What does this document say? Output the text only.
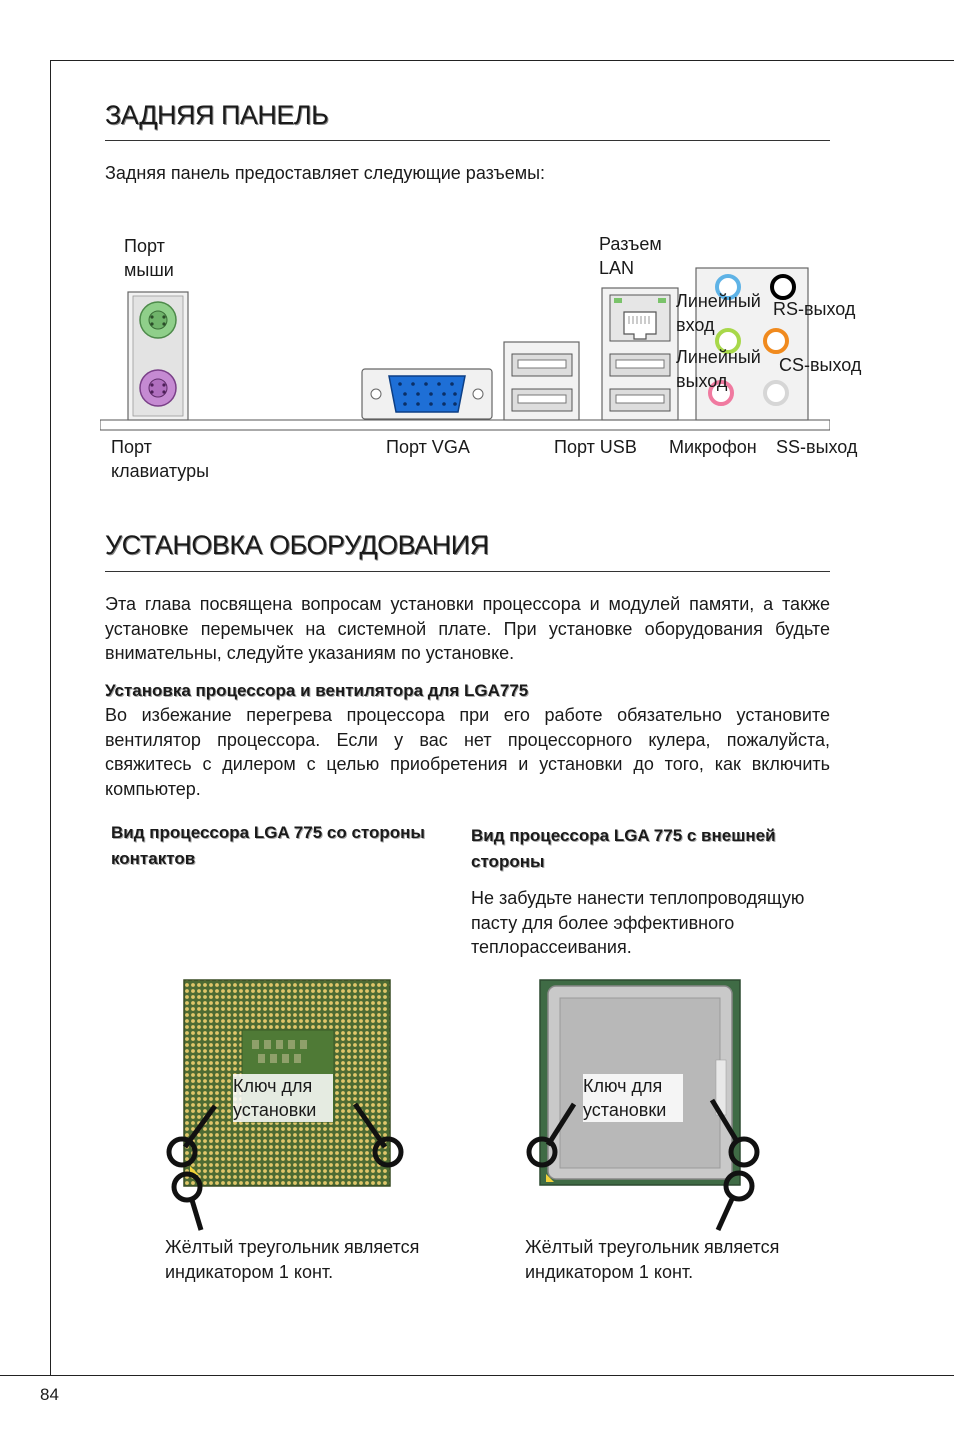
ЗАДНЯЯ ПАНЕЛЬ
Задняя панель предоставляет следующие разъемы:
Порт мыши
Разъем LAN
Линейный вход
RS-выход
Линейный выход
CS-выход
Порт клавиатуры
Порт VGA	Порт USB Микрофон SS-выход
УСТАНОВКА ОБОРУДОВАНИЯ
Эта глава посвящена вопросам установки процессора и модулей памяти, а также установке перемычек на системной плате. При установке оборудования будьте внимательны, следуйте указаниям по установке.
Установка процессора и вентилятора для LGA775
Во избежание перегрева процессора при его работе обязательно установите вентилятор процессора. Если у вас нет процессорного кулера, пожалуйста, свяжитесь с дилером с целью приобретения и установки до того, как включить компьютер.
Вид процессора LGA 775 со стороны контактов
Вид процессора LGA 775 с внешней стороны
Не забудьте нанести теплопроводящую пасту для более эффективного теплорассеивания.
Ключ для установки
Жёлтый треугольник является индикатором 1 конт.
Ключ для установки
Жёлтый треугольник является индикатором 1 конт.
84
